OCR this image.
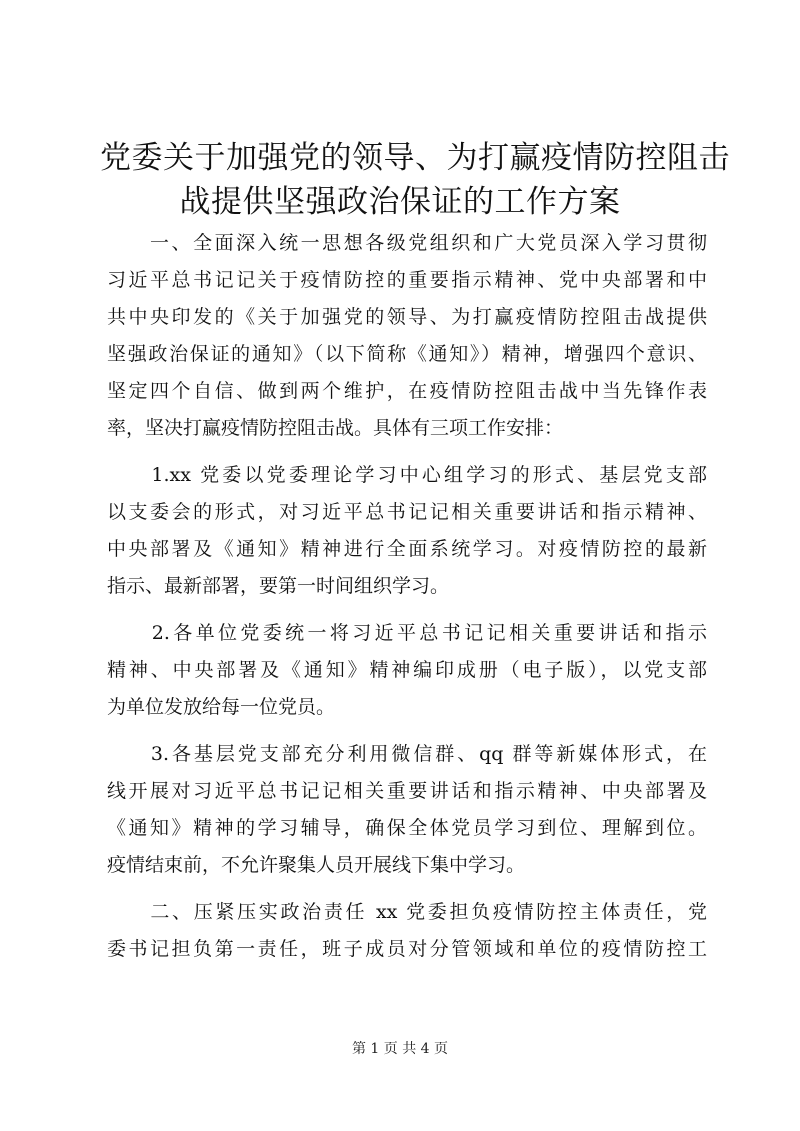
党委关于加强党的领导、为打赢疫情防控阻击
战提供坚强政治保证的工作方案
　　一、全面深入统一思想各级党组织和广大党员深入学习贯彻
习近平总书记记关于疫情防控的重要指示精神、党中央部署和中
共中央印发的《关于加强党的领导、为打赢疫情防控阻击战提供
坚强政治保证的通知》（以下简称《通知》）精神，增强四个意识、
坚定四个自信、做到两个维护，在疫情防控阻击战中当先锋作表
率，坚决打赢疫情防控阻击战。具体有三项工作安排：
　　1.xx 党委以党委理论学习中心组学习的形式、基层党支部
以支委会的形式，对习近平总书记记相关重要讲话和指示精神、
中央部署及《通知》精神进行全面系统学习。对疫情防控的最新
指示、最新部署，要第一时间组织学习。
　　2.各单位党委统一将习近平总书记记相关重要讲话和指示
精神、中央部署及《通知》精神编印成册（电子版），以党支部
为单位发放给每一位党员。
　　3.各基层党支部充分利用微信群、qq 群等新媒体形式，在
线开展对习近平总书记记相关重要讲话和指示精神、中央部署及
《通知》精神的学习辅导，确保全体党员学习到位、理解到位。
疫情结束前，不允许聚集人员开展线下集中学习。
　　二、压紧压实政治责任 xx 党委担负疫情防控主体责任，党
委书记担负第一责任，班子成员对分管领域和单位的疫情防控工
第 1 页 共 4 页
